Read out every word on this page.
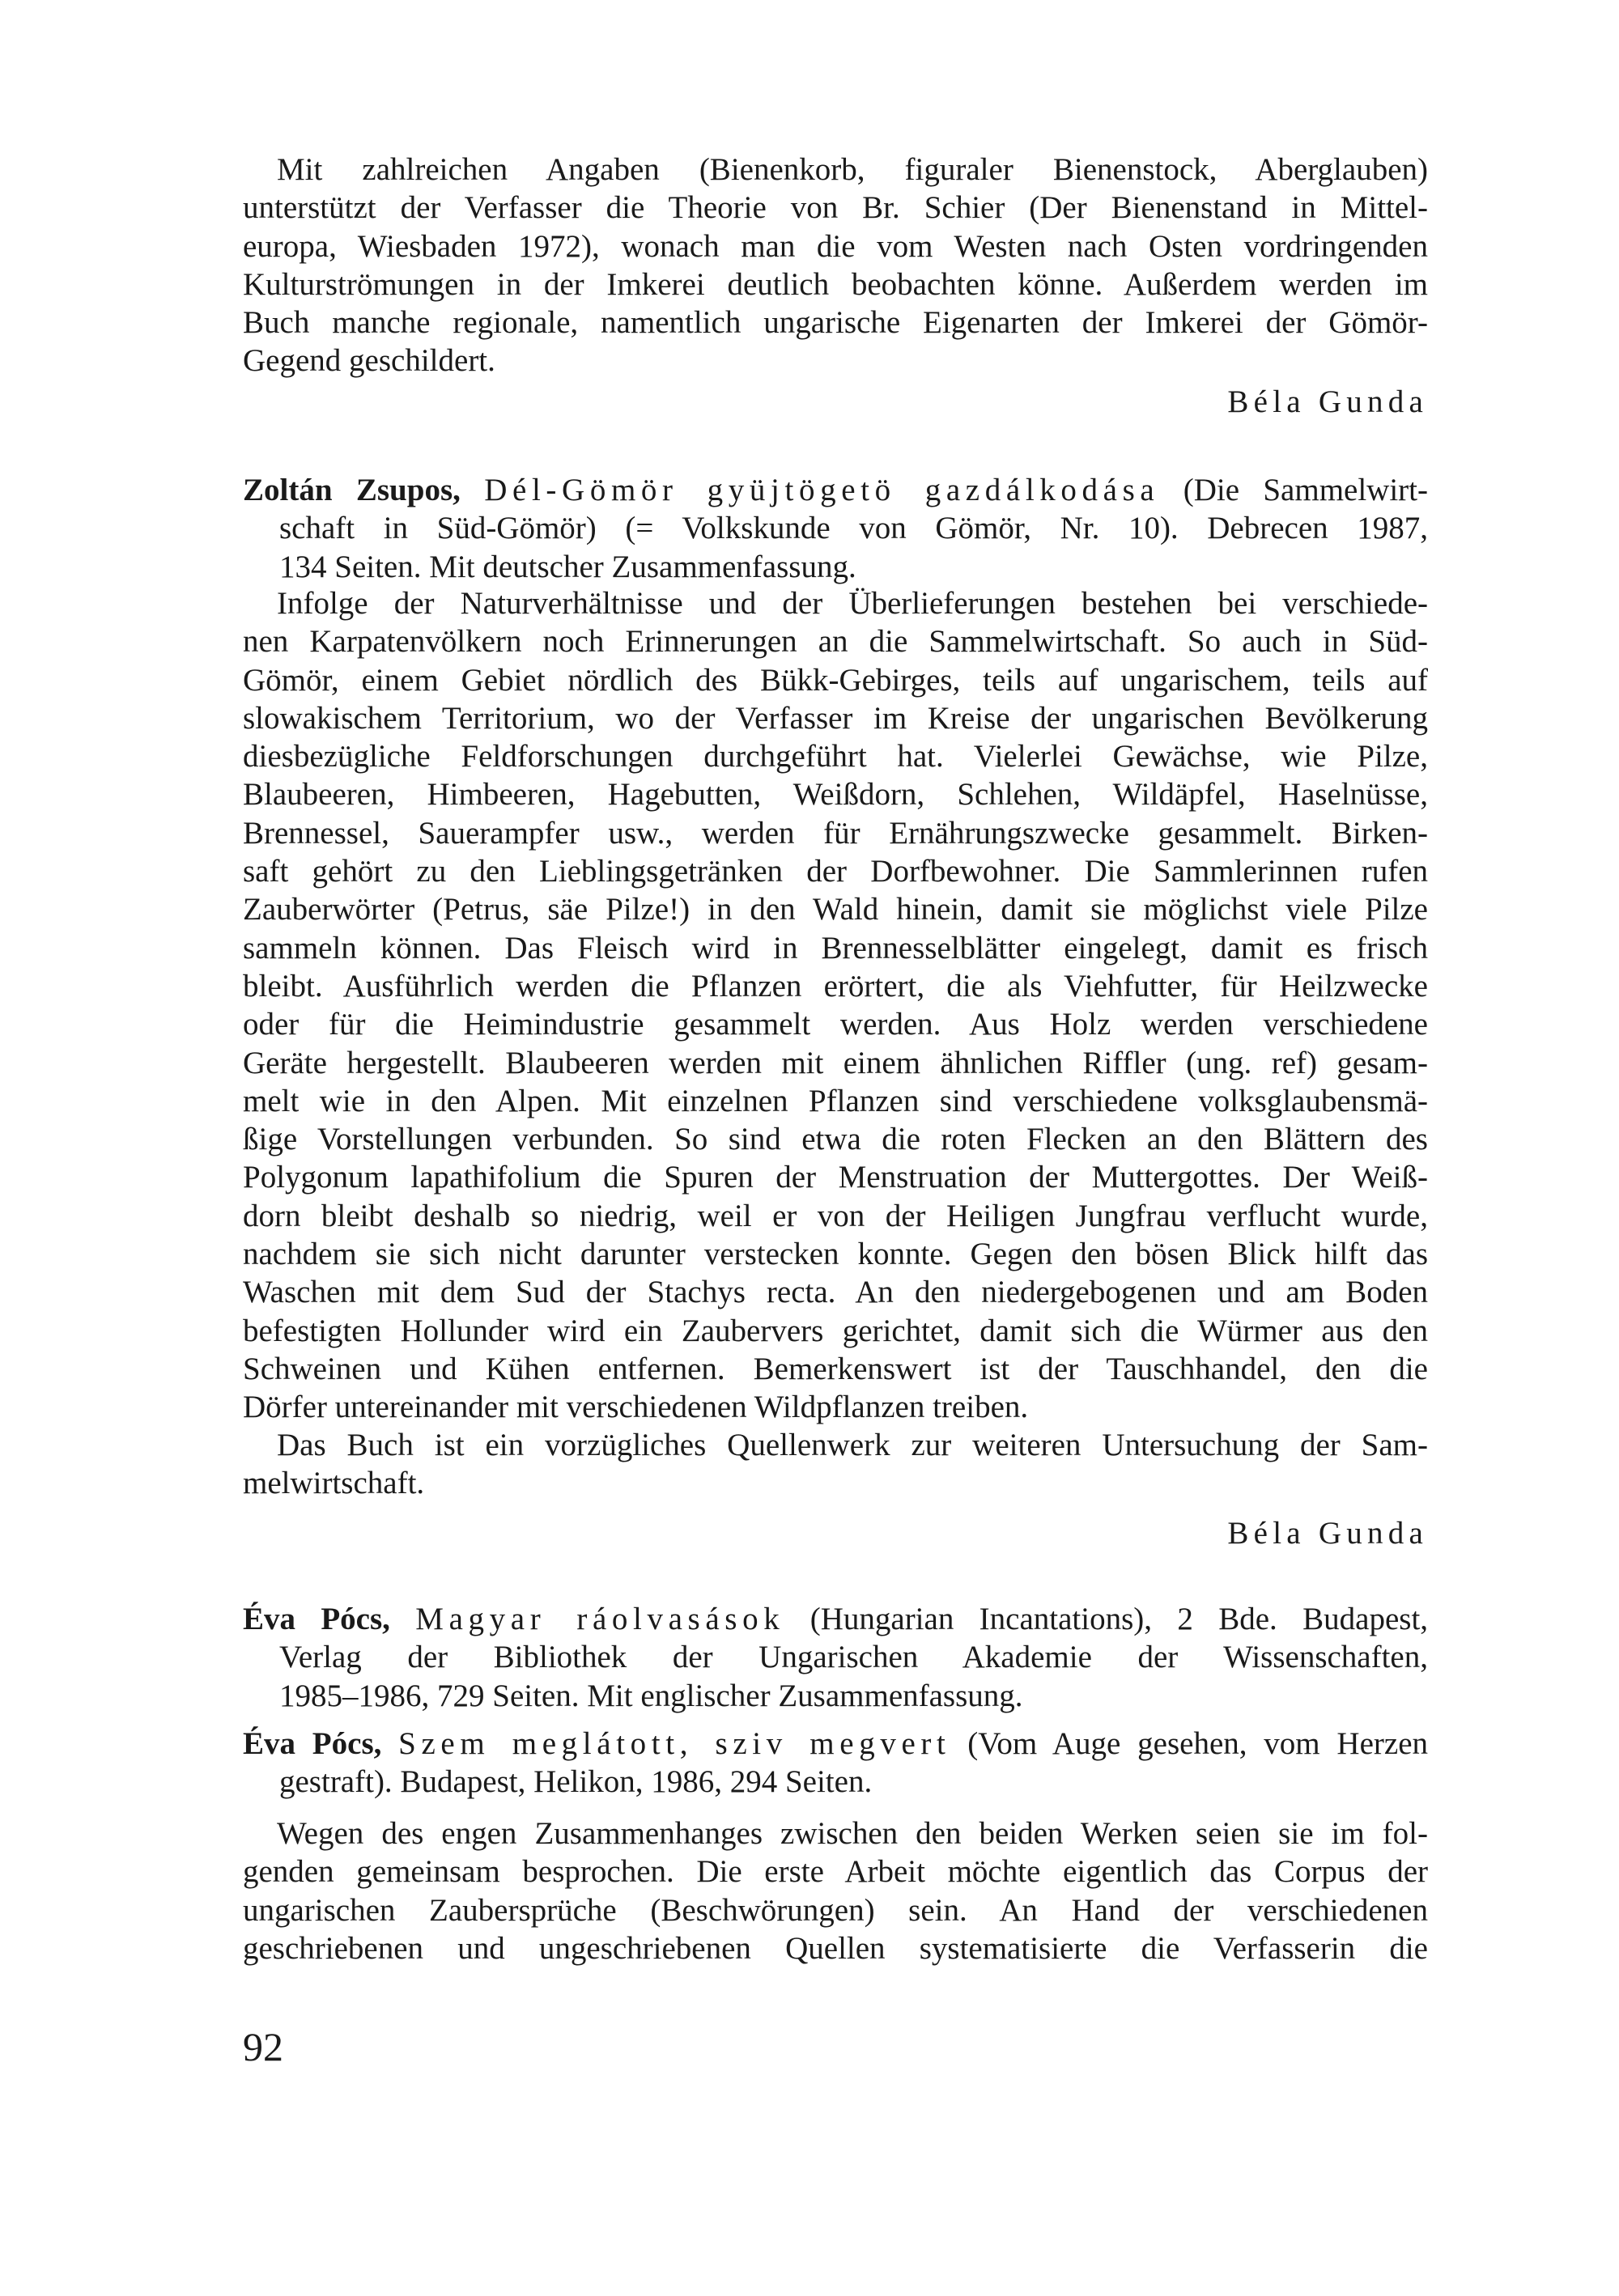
Mit zahlreichen Angaben (Bienenkorb, figuraler Bienenstock, Aberglauben)
unterstützt der Verfasser die Theorie von Br. Schier (Der Bienenstand in Mittel-
europa, Wiesbaden 1972), wonach man die vom Westen nach Osten vordringenden
Kulturströmungen in der Imkerei deutlich beobachten könne. Außerdem werden im
Buch manche regionale, namentlich ungarische Eigenarten der Imkerei der Gömör-
Gegend geschildert.
Béla Gunda
Zoltán Zsupos, Dél-Gömör gyüjtögetö gazdálkodása (Die Sammelwirt-
schaft in Süd-Gömör) (= Volkskunde von Gömör, Nr. 10). Debrecen 1987,
134 Seiten. Mit deutscher Zusammenfassung.
Infolge der Naturverhältnisse und der Überlieferungen bestehen bei verschiede-
nen Karpatenvölkern noch Erinnerungen an die Sammelwirtschaft. So auch in Süd-
Gömör, einem Gebiet nördlich des Bükk-Gebirges, teils auf ungarischem, teils auf
slowakischem Territorium, wo der Verfasser im Kreise der ungarischen Bevölkerung
diesbezügliche Feldforschungen durchgeführt hat. Vielerlei Gewächse, wie Pilze,
Blaubeeren, Himbeeren, Hagebutten, Weißdorn, Schlehen, Wildäpfel, Haselnüsse,
Brennessel, Sauerampfer usw., werden für Ernährungszwecke gesammelt. Birken-
saft gehört zu den Lieblingsgetränken der Dorfbewohner. Die Sammlerinnen rufen
Zauberwörter (Petrus, säe Pilze!) in den Wald hinein, damit sie möglichst viele Pilze
sammeln können. Das Fleisch wird in Brennesselblätter eingelegt, damit es frisch
bleibt. Ausführlich werden die Pflanzen erörtert, die als Viehfutter, für Heilzwecke
oder für die Heimindustrie gesammelt werden. Aus Holz werden verschiedene
Geräte hergestellt. Blaubeeren werden mit einem ähnlichen Riffler (ung. ref) gesam-
melt wie in den Alpen. Mit einzelnen Pflanzen sind verschiedene volksglaubensmä-
ßige Vorstellungen verbunden. So sind etwa die roten Flecken an den Blättern des
Polygonum lapathifolium die Spuren der Menstruation der Muttergottes. Der Weiß-
dorn bleibt deshalb so niedrig, weil er von der Heiligen Jungfrau verflucht wurde,
nachdem sie sich nicht darunter verstecken konnte. Gegen den bösen Blick hilft das
Waschen mit dem Sud der Stachys recta. An den niedergebogenen und am Boden
befestigten Hollunder wird ein Zaubervers gerichtet, damit sich die Würmer aus den
Schweinen und Kühen entfernen. Bemerkenswert ist der Tauschhandel, den die
Dörfer untereinander mit verschiedenen Wildpflanzen treiben.
Das Buch ist ein vorzügliches Quellenwerk zur weiteren Untersuchung der Sam-
melwirtschaft.
Béla Gunda
Éva Pócs, Magyar ráolvasások (Hungarian Incantations), 2 Bde. Budapest,
Verlag der Bibliothek der Ungarischen Akademie der Wissenschaften,
1985–1986, 729 Seiten. Mit englischer Zusammenfassung.
Éva Pócs, Szem meglátott, sziv megvert (Vom Auge gesehen, vom Herzen
gestraft). Budapest, Helikon, 1986, 294 Seiten.
Wegen des engen Zusammenhanges zwischen den beiden Werken seien sie im fol-
genden gemeinsam besprochen. Die erste Arbeit möchte eigentlich das Corpus der
ungarischen Zaubersprüche (Beschwörungen) sein. An Hand der verschiedenen
geschriebenen und ungeschriebenen Quellen systematisierte die Verfasserin die
92
